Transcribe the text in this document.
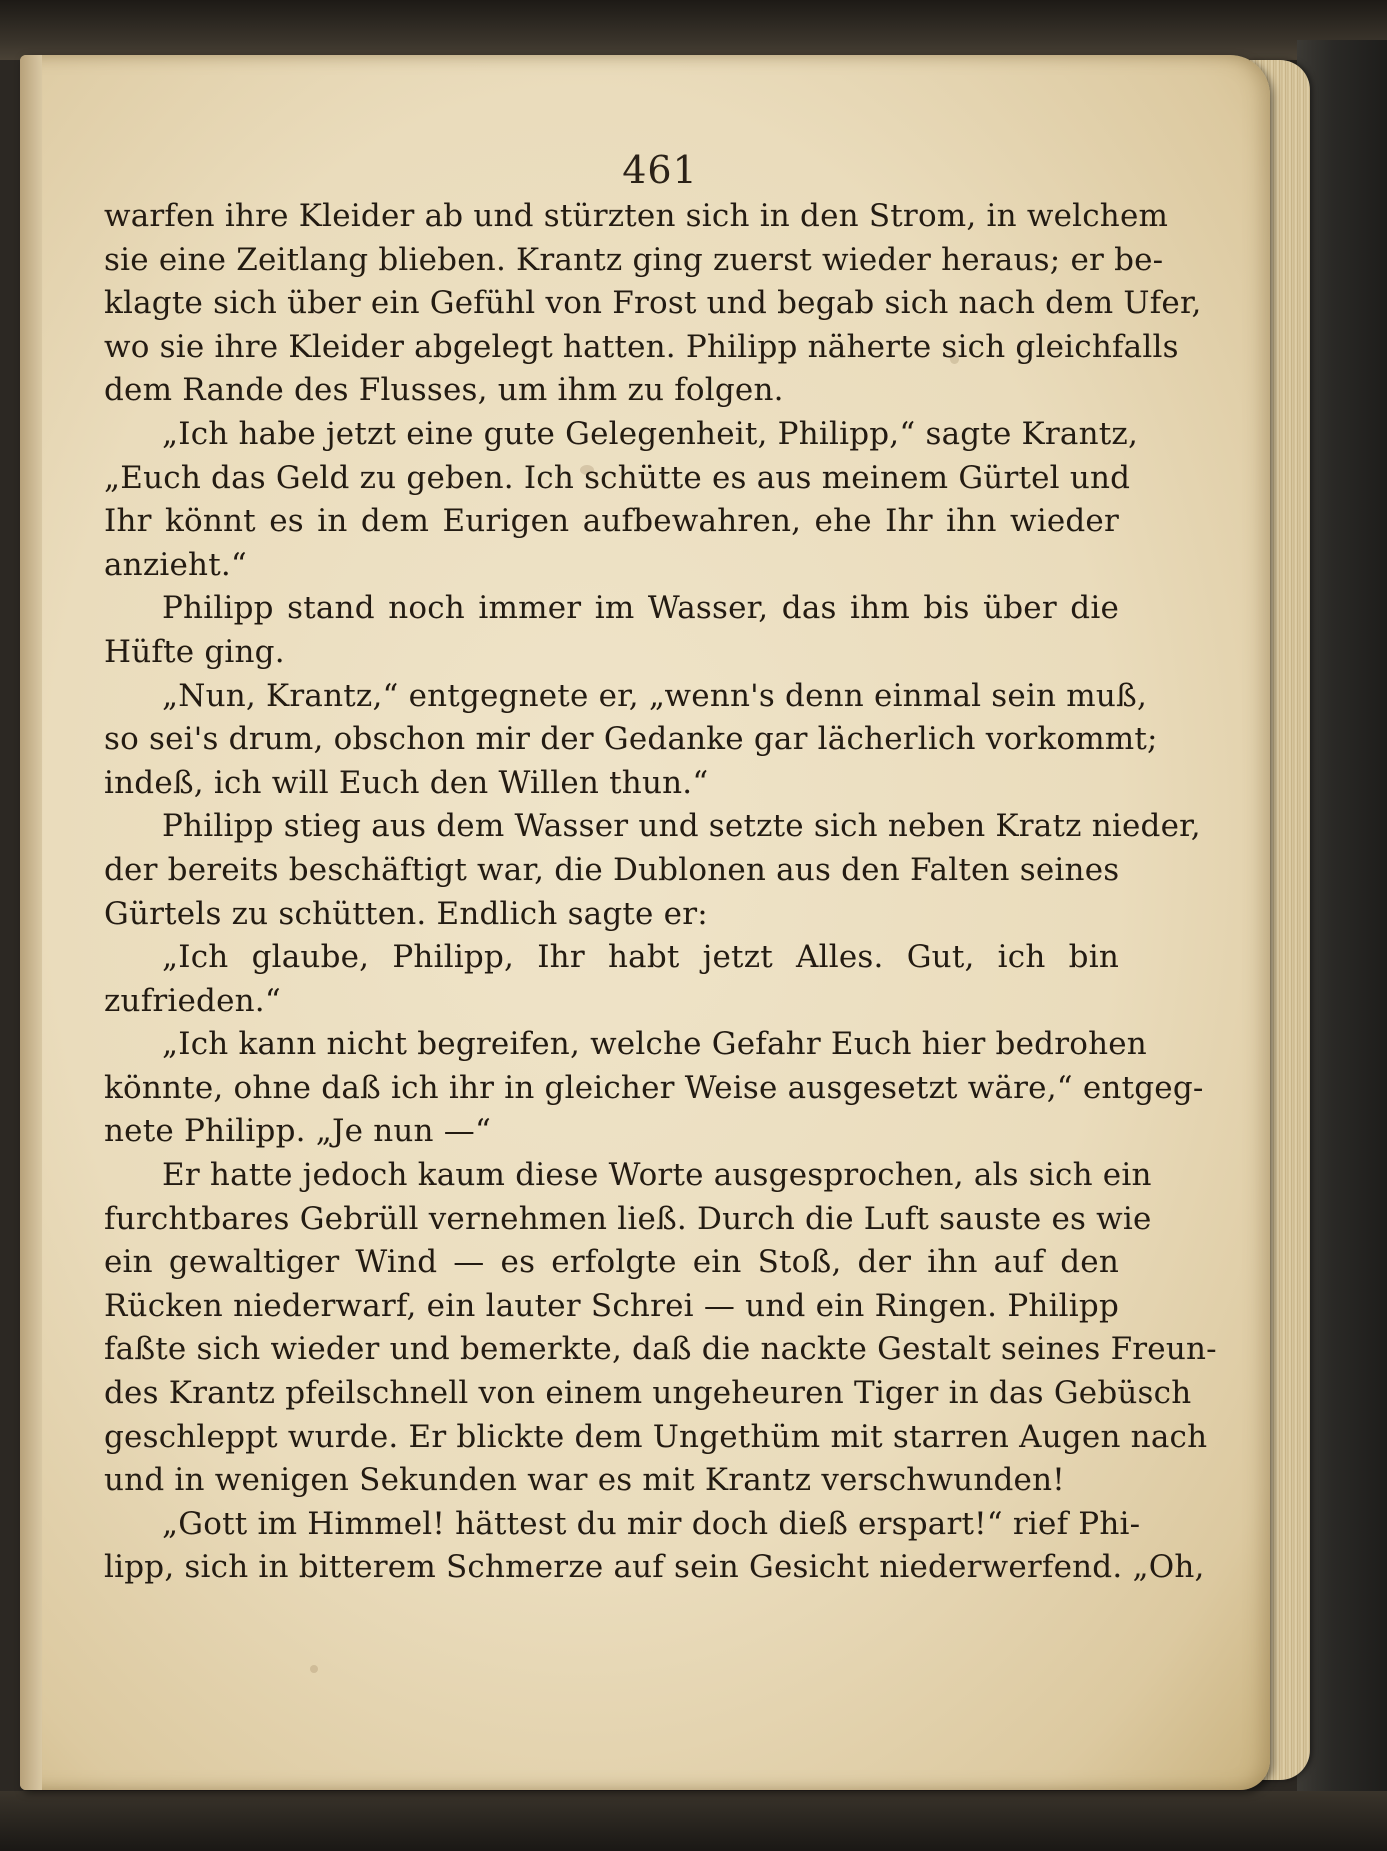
461
warfen ihre Kleider ab und stürzten sich in den Strom, in welchem
sie eine Zeitlang blieben. Krantz ging zuerst wieder heraus; er be-
klagte sich über ein Gefühl von Frost und begab sich nach dem Ufer,
wo sie ihre Kleider abgelegt hatten. Philipp näherte sich gleichfalls
dem Rande des Flusses, um ihm zu folgen.
„Ich habe jetzt eine gute Gelegenheit, Philipp,“ sagte Krantz,
„Euch das Geld zu geben. Ich schütte es aus meinem Gürtel und
Ihr könnt es in dem Eurigen aufbewahren, ehe Ihr ihn wieder
anzieht.“
Philipp stand noch immer im Wasser, das ihm bis über die
Hüfte ging.
„Nun, Krantz,“ entgegnete er, „wenn's denn einmal sein muß,
so sei's drum, obschon mir der Gedanke gar lächerlich vorkommt;
indeß, ich will Euch den Willen thun.“
Philipp stieg aus dem Wasser und setzte sich neben Kratz nieder,
der bereits beschäftigt war, die Dublonen aus den Falten seines
Gürtels zu schütten. Endlich sagte er:
„Ich glaube, Philipp, Ihr habt jetzt Alles. Gut, ich bin
zufrieden.“
„Ich kann nicht begreifen, welche Gefahr Euch hier bedrohen
könnte, ohne daß ich ihr in gleicher Weise ausgesetzt wäre,“ entgeg-
nete Philipp. „Je nun —“
Er hatte jedoch kaum diese Worte ausgesprochen, als sich ein
furchtbares Gebrüll vernehmen ließ. Durch die Luft sauste es wie
ein gewaltiger Wind — es erfolgte ein Stoß, der ihn auf den
Rücken niederwarf, ein lauter Schrei — und ein Ringen. Philipp
faßte sich wieder und bemerkte, daß die nackte Gestalt seines Freun-
des Krantz pfeilschnell von einem ungeheuren Tiger in das Gebüsch
geschleppt wurde. Er blickte dem Ungethüm mit starren Augen nach
und in wenigen Sekunden war es mit Krantz verschwunden!
„Gott im Himmel! hättest du mir doch dieß erspart!“ rief Phi-
lipp, sich in bitterem Schmerze auf sein Gesicht niederwerfend. „Oh,
